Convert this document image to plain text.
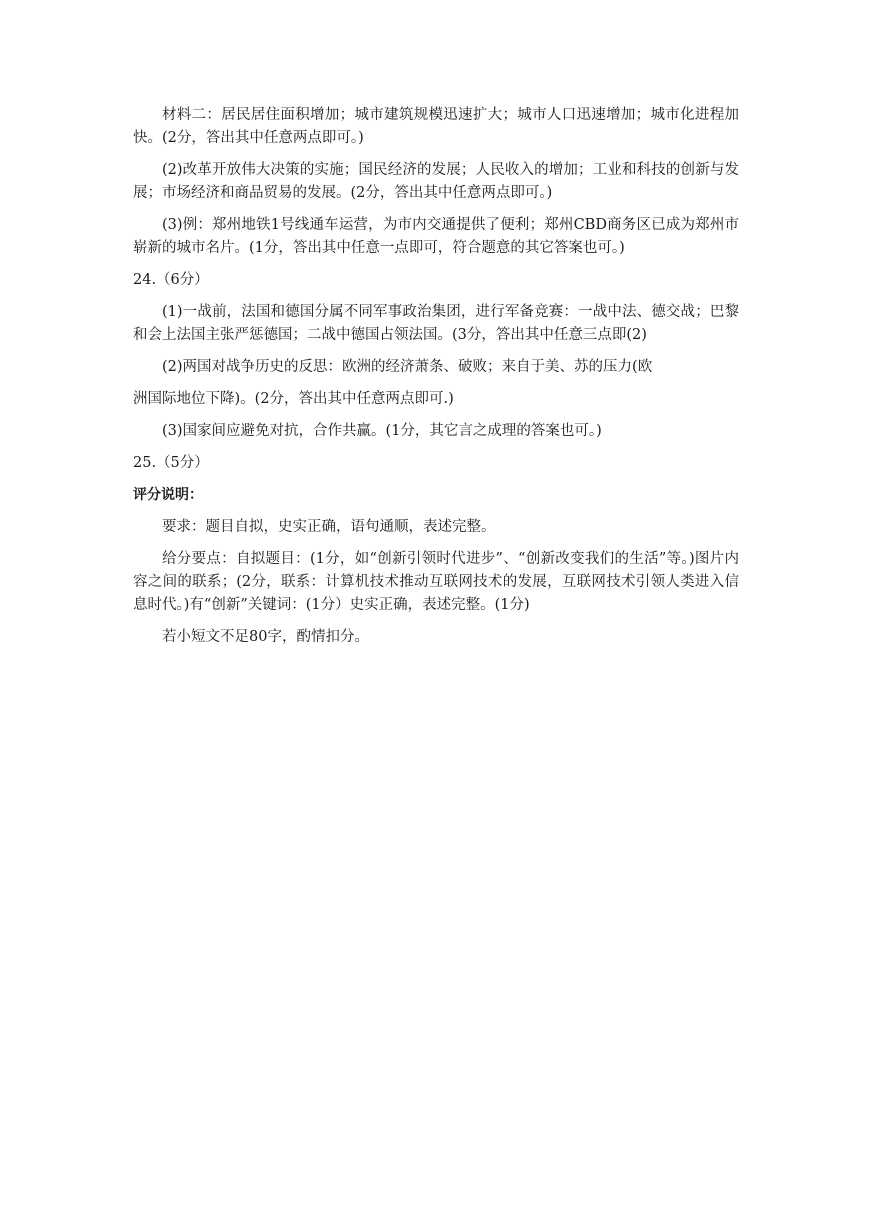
材料二：居民居住面积增加；城市建筑规模迅速扩大；城市人口迅速增加；城市化进程加快。(2分，答出其中任意两点即可。)

(2)改革开放伟大决策的实施；国民经济的发展；人民收入的增加；工业和科技的创新与发展；市场经济和商品贸易的发展。(2分，答出其中任意两点即可。)

(3)例：郑州地铁1号线通车运营，为市内交通提供了便利；郑州CBD商务区已成为郑州市崭新的城市名片。(1分，答出其中任意一点即可，符合题意的其它答案也可。)

24.（6分）

(1)一战前，法国和德国分属不同军事政治集团，进行军备竞赛：一战中法、德交战；巴黎和会上法国主张严惩德国；二战中德国占领法国。(3分，答出其中任意三点即(2)

(2)两国对战争历史的反思：欧洲的经济萧条、破败；来自于美、苏的压力(欧

洲国际地位下降)。(2分，答出其中任意两点即可.)

(3)国家间应避免对抗，合作共赢。(1分，其它言之成理的答案也可。)

25.（5分）

评分说明：

要求：题目自拟，史实正确，语句通顺，表述完整。

给分要点：自拟题目：(1分，如“创新引领时代进步”、“创新改变我们的生活”等。)图片内容之间的联系；(2分，联系：计算机技术推动互联网技术的发展，互联网技术引领人类进入信息时代。)有“创新”关键词：(1分）史实正确，表述完整。(1分)

若小短文不足80字，酌情扣分。
